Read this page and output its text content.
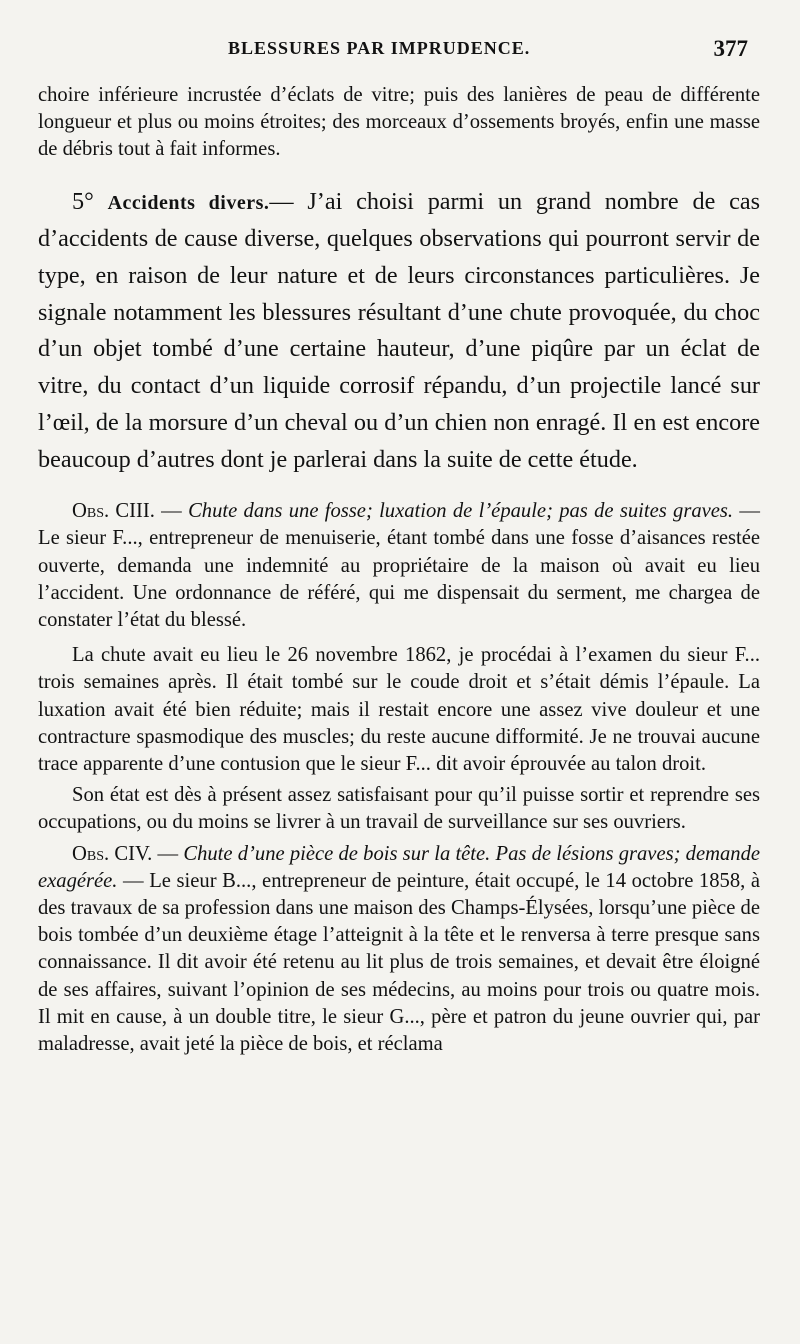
BLESSURES PAR IMPRUDENCE.	377

choire inférieure incrustée d’éclats de vitre; puis des lanières de peau de différente longueur et plus ou moins étroites; des morceaux d’ossements broyés, enfin une masse de débris tout à fait informes.

5° Accidents divers.— J’ai choisi parmi un grand nombre de cas d’accidents de cause diverse, quelques observations qui pourront servir de type, en raison de leur nature et de leurs circonstances particulières. Je signale notamment les blessures résultant d’une chute provoquée, du choc d’un objet tombé d’une certaine hauteur, d’une piqûre par un éclat de vitre, du contact d’un liquide corrosif répandu, d’un projectile lancé sur l’œil, de la morsure d’un cheval ou d’un chien non enragé. Il en est encore beaucoup d’autres dont je parlerai dans la suite de cette étude.

Obs. CIII. — Chute dans une fosse; luxation de l’épaule; pas de suites graves. — Le sieur F..., entrepreneur de menuiserie, étant tombé dans une fosse d’aisances restée ouverte, demanda une indemnité au propriétaire de la maison où avait eu lieu l’accident. Une ordonnance de référé, qui me dispensait du serment, me chargea de constater l’état du blessé.

La chute avait eu lieu le 26 novembre 1862, je procédai à l’examen du sieur F... trois semaines après. Il était tombé sur le coude droit et s’était démis l’épaule. La luxation avait été bien réduite; mais il restait encore une assez vive douleur et une contracture spasmodique des muscles; du reste aucune difformité. Je ne trouvai aucune trace apparente d’une contusion que le sieur F... dit avoir éprouvée au talon droit.

Son état est dès à présent assez satisfaisant pour qu’il puisse sortir et reprendre ses occupations, ou du moins se livrer à un travail de surveillance sur ses ouvriers.

Obs. CIV. — Chute d’une pièce de bois sur la tête. Pas de lésions graves; demande exagérée. — Le sieur B..., entrepreneur de peinture, était occupé, le 14 octobre 1858, à des travaux de sa profession dans une maison des Champs-Élysées, lorsqu’une pièce de bois tombée d’un deuxième étage l’atteignit à la tête et le renversa à terre presque sans connaissance. Il dit avoir été retenu au lit plus de trois semaines, et devait être éloigné de ses affaires, suivant l’opinion de ses médecins, au moins pour trois ou quatre mois. Il mit en cause, à un double titre, le sieur G..., père et patron du jeune ouvrier qui, par maladresse, avait jeté la pièce de bois, et réclama
